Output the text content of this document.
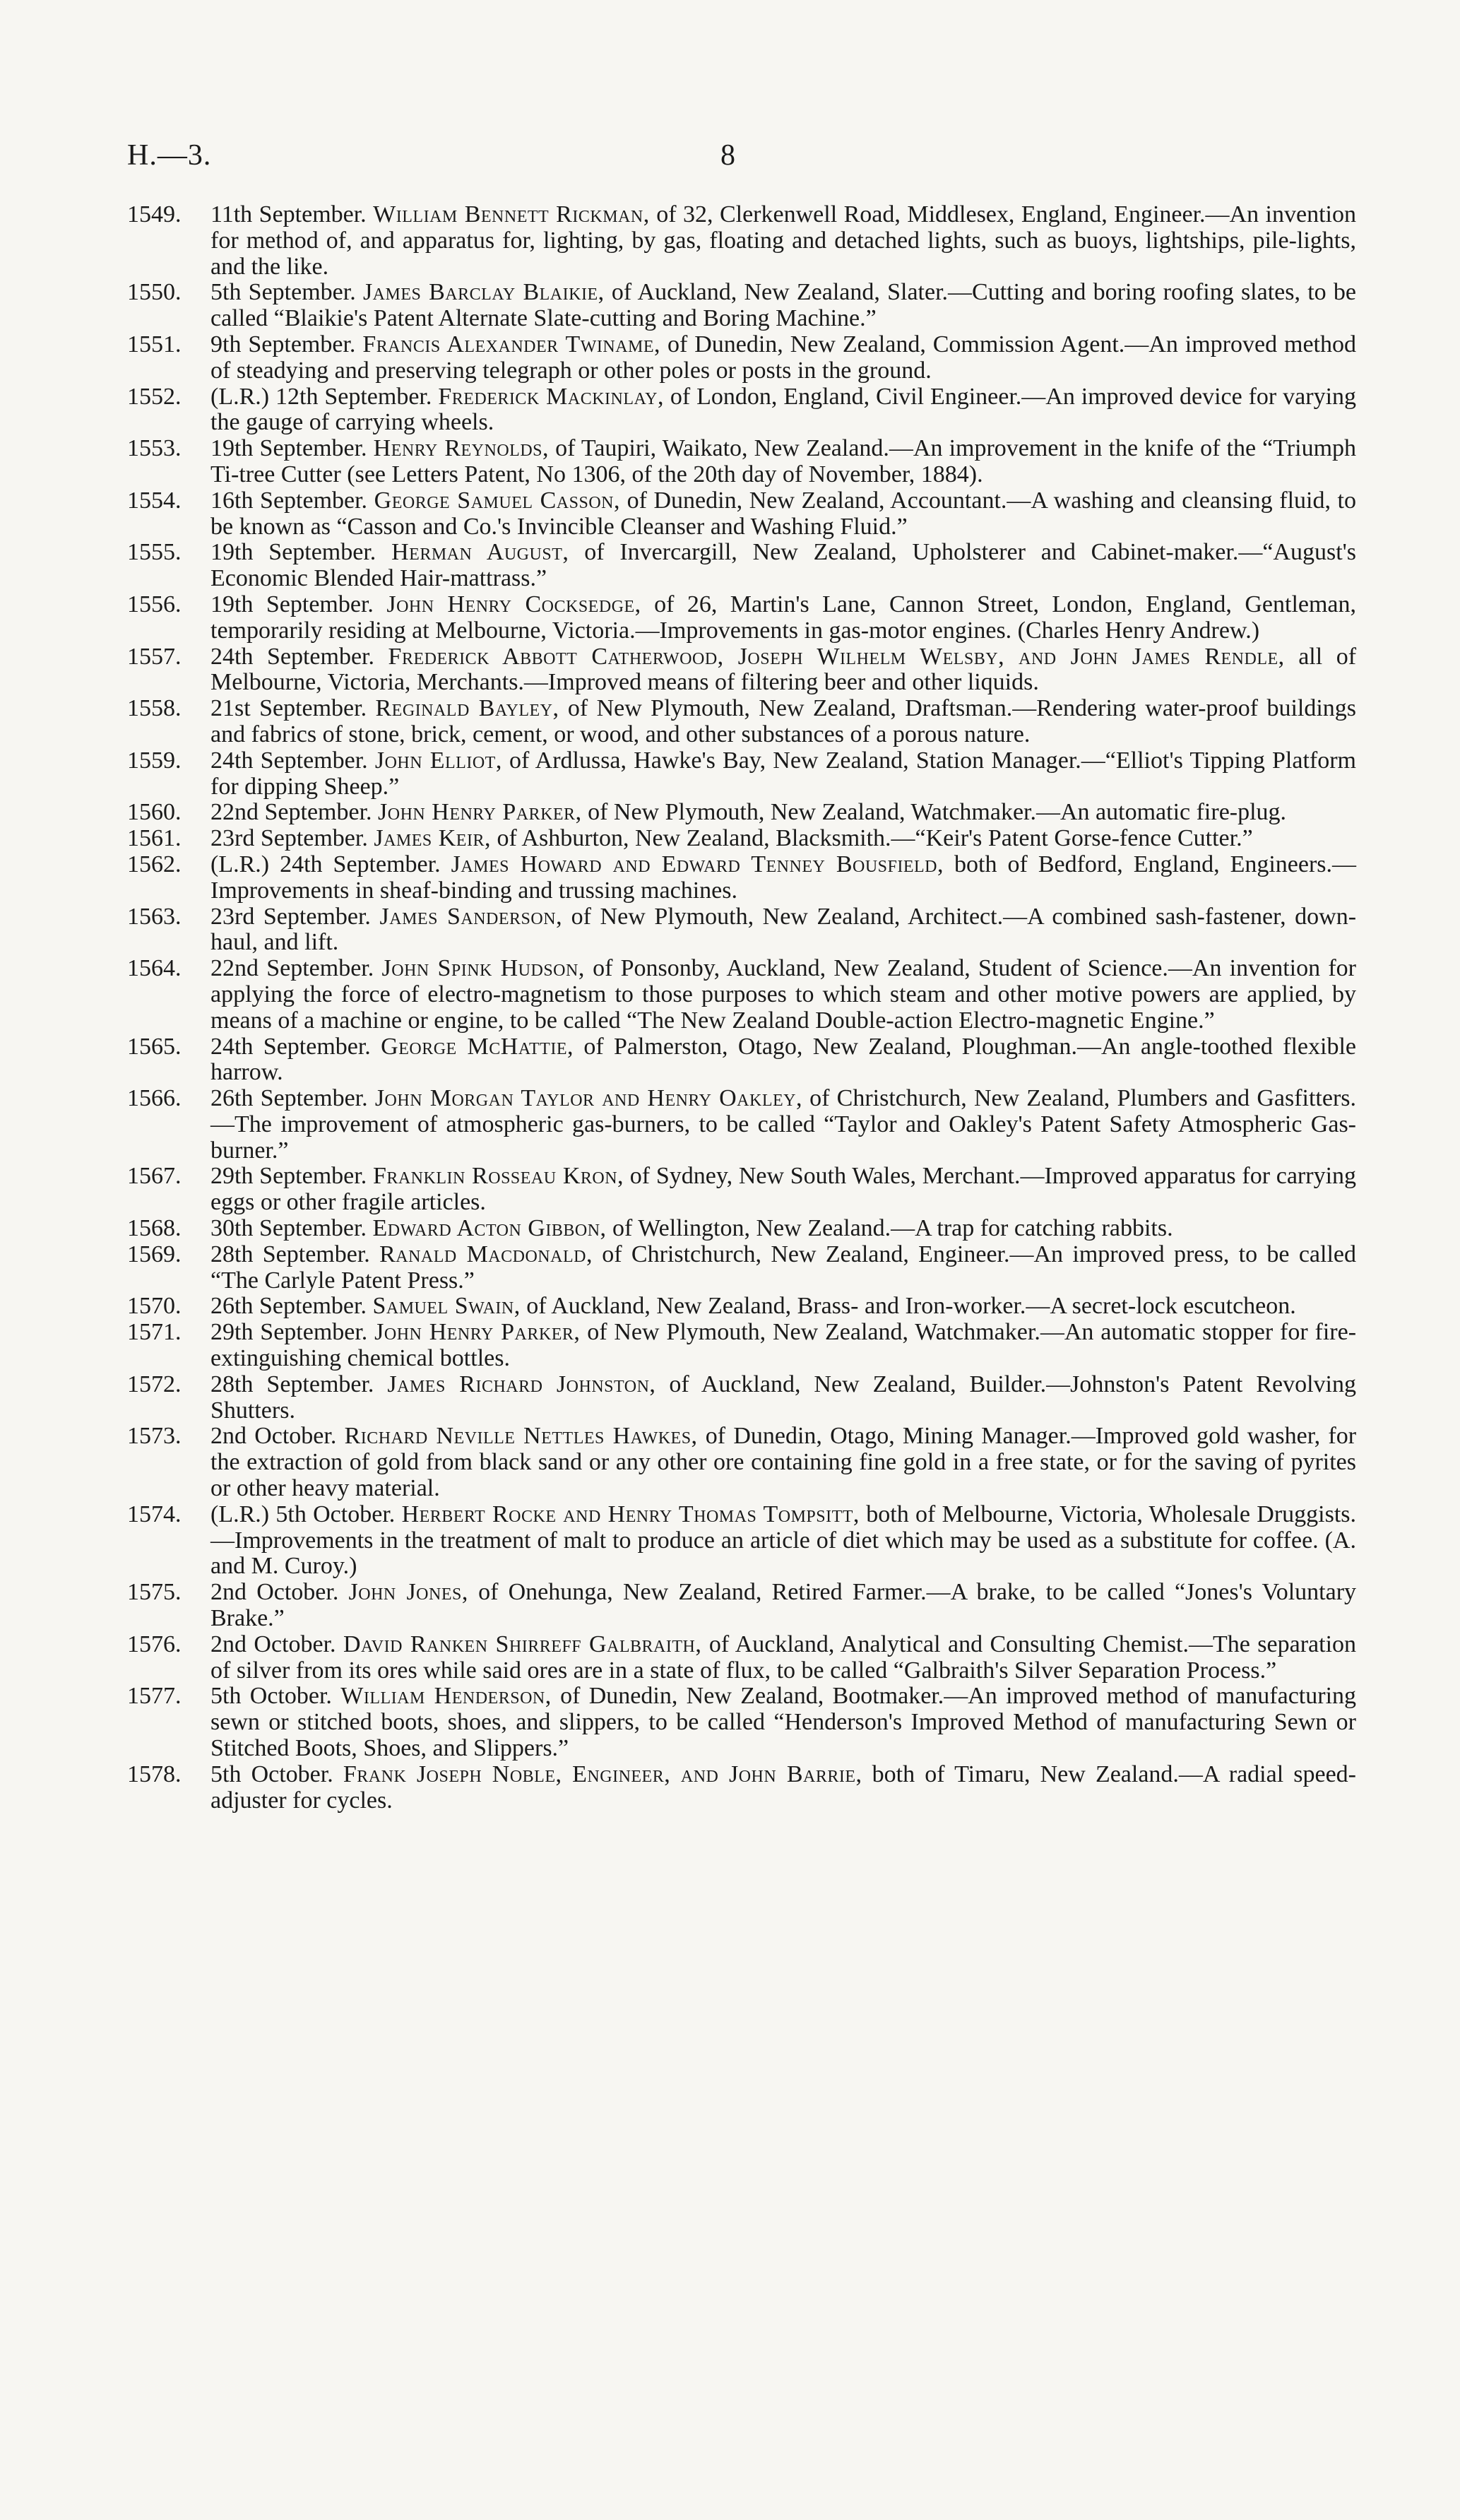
H.—3.	8
1549.	11th September. William Bennett Rickman, of 32, Clerkenwell Road, Middlesex, England, Engineer.—An invention for method of, and apparatus for, lighting, by gas, floating and detached lights, such as buoys, lightships, pile-lights, and the like.
1550.	5th September. James Barclay Blaikie, of Auckland, New Zealand, Slater.—Cutting and boring roofing slates, to be called “Blaikie's Patent Alternate Slate-cutting and Boring Machine.”
1551.	9th September. Francis Alexander Twiname, of Dunedin, New Zealand, Commission Agent.—An improved method of steadying and preserving telegraph or other poles or posts in the ground.
1552.	(L.R.) 12th September. Frederick Mackinlay, of London, England, Civil Engineer.—An improved device for varying the gauge of carrying wheels.
1553.	19th September. Henry Reynolds, of Taupiri, Waikato, New Zealand.—An improvement in the knife of the “Triumph Ti-tree Cutter (see Letters Patent, No 1306, of the 20th day of November, 1884).
1554.	16th September. George Samuel Casson, of Dunedin, New Zealand, Accountant.—A washing and cleansing fluid, to be known as “Casson and Co.'s Invincible Cleanser and Washing Fluid.”
1555.	19th September. Herman August, of Invercargill, New Zealand, Upholsterer and Cabinet-maker.—“August's Economic Blended Hair-mattrass.”
1556.	19th September. John Henry Cocksedge, of 26, Martin's Lane, Cannon Street, London, England, Gentleman, temporarily residing at Melbourne, Victoria.—Improvements in gas-motor engines. (Charles Henry Andrew.)
1557.	24th September. Frederick Abbott Catherwood, Joseph Wilhelm Welsby, and John James Rendle, all of Melbourne, Victoria, Merchants.—Improved means of filtering beer and other liquids.
1558.	21st September. Reginald Bayley, of New Plymouth, New Zealand, Draftsman.—Rendering water-proof buildings and fabrics of stone, brick, cement, or wood, and other substances of a porous nature.
1559.	24th September. John Elliot, of Ardlussa, Hawke's Bay, New Zealand, Station Manager.—“Elliot's Tipping Platform for dipping Sheep.”
1560.	22nd September. John Henry Parker, of New Plymouth, New Zealand, Watchmaker.—An automatic fire-plug.
1561.	23rd September. James Keir, of Ashburton, New Zealand, Blacksmith.—“Keir's Patent Gorse-fence Cutter.”
1562.	(L.R.) 24th September. James Howard and Edward Tenney Bousfield, both of Bedford, England, Engineers.—Improvements in sheaf-binding and trussing machines.
1563.	23rd September. James Sanderson, of New Plymouth, New Zealand, Architect.—A combined sash-fastener, down-haul, and lift.
1564.	22nd September. John Spink Hudson, of Ponsonby, Auckland, New Zealand, Student of Science.—An invention for applying the force of electro-magnetism to those purposes to which steam and other motive powers are applied, by means of a machine or engine, to be called “The New Zealand Double-action Electro-magnetic Engine.”
1565.	24th September. George McHattie, of Palmerston, Otago, New Zealand, Ploughman.—An angle-toothed flexible harrow.
1566.	26th September. John Morgan Taylor and Henry Oakley, of Christchurch, New Zealand, Plumbers and Gasfitters.—The improvement of atmospheric gas-burners, to be called “Taylor and Oakley's Patent Safety Atmospheric Gas-burner.”
1567.	29th September. Franklin Rosseau Kron, of Sydney, New South Wales, Merchant.—Improved apparatus for carrying eggs or other fragile articles.
1568.	30th September. Edward Acton Gibbon, of Wellington, New Zealand.—A trap for catching rabbits.
1569.	28th September. Ranald Macdonald, of Christchurch, New Zealand, Engineer.—An improved press, to be called “The Carlyle Patent Press.”
1570.	26th September. Samuel Swain, of Auckland, New Zealand, Brass- and Iron-worker.—A secret-lock escutcheon.
1571.	29th September. John Henry Parker, of New Plymouth, New Zealand, Watchmaker.—An automatic stopper for fire-extinguishing chemical bottles.
1572.	28th September. James Richard Johnston, of Auckland, New Zealand, Builder.—Johnston's Patent Revolving Shutters.
1573.	2nd October. Richard Neville Nettles Hawkes, of Dunedin, Otago, Mining Manager.—Improved gold washer, for the extraction of gold from black sand or any other ore containing fine gold in a free state, or for the saving of pyrites or other heavy material.
1574.	(L.R.) 5th October. Herbert Rocke and Henry Thomas Tompsitt, both of Melbourne, Victoria, Wholesale Druggists.—Improvements in the treatment of malt to produce an article of diet which may be used as a substitute for coffee. (A. and M. Curoy.)
1575.	2nd October. John Jones, of Onehunga, New Zealand, Retired Farmer.—A brake, to be called “Jones's Voluntary Brake.”
1576.	2nd October. David Ranken Shirreff Galbraith, of Auckland, Analytical and Consulting Chemist.—The separation of silver from its ores while said ores are in a state of flux, to be called “Galbraith's Silver Separation Process.”
1577.	5th October. William Henderson, of Dunedin, New Zealand, Bootmaker.—An improved method of manufacturing sewn or stitched boots, shoes, and slippers, to be called “Henderson's Improved Method of manufacturing Sewn or Stitched Boots, Shoes, and Slippers.”
1578.	5th October. Frank Joseph Noble, Engineer, and John Barrie, both of Timaru, New Zealand.—A radial speed-adjuster for cycles.
